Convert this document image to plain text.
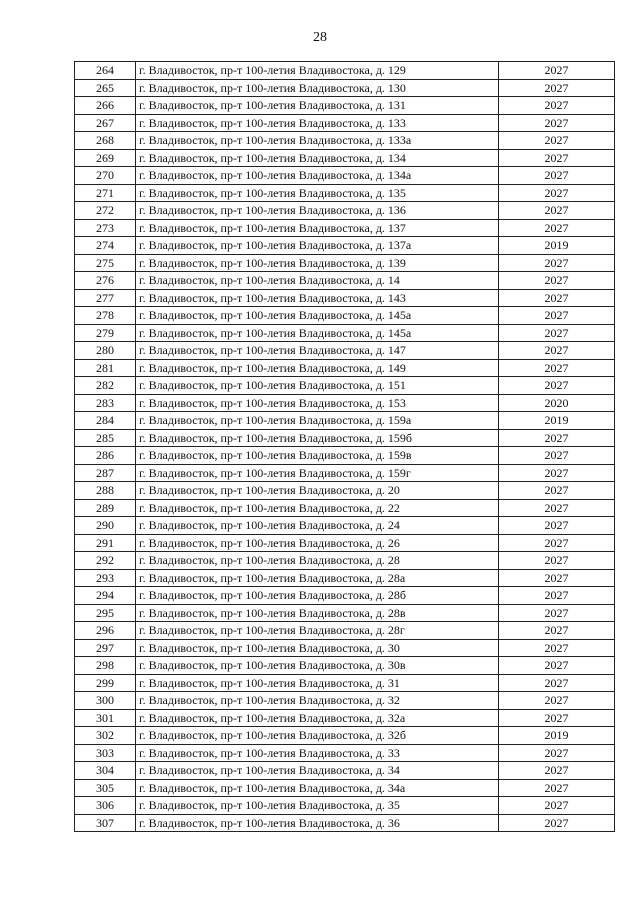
28
264	г. Владивосток, пр-т 100-летия Владивостока, д. 129	2027
265	г. Владивосток, пр-т 100-летия Владивостока, д. 130	2027
266	г. Владивосток, пр-т 100-летия Владивостока, д. 131	2027
267	г. Владивосток, пр-т 100-летия Владивостока, д. 133	2027
268	г. Владивосток, пр-т 100-летия Владивостока, д. 133а	2027
269	г. Владивосток, пр-т 100-летия Владивостока, д. 134	2027
270	г. Владивосток, пр-т 100-летия Владивостока, д. 134а	2027
271	г. Владивосток, пр-т 100-летия Владивостока, д. 135	2027
272	г. Владивосток, пр-т 100-летия Владивостока, д. 136	2027
273	г. Владивосток, пр-т 100-летия Владивостока, д. 137	2027
274	г. Владивосток, пр-т 100-летия Владивостока, д. 137а	2019
275	г. Владивосток, пр-т 100-летия Владивостока, д. 139	2027
276	г. Владивосток, пр-т 100-летия Владивостока, д. 14	2027
277	г. Владивосток, пр-т 100-летия Владивостока, д. 143	2027
278	г. Владивосток, пр-т 100-летия Владивостока, д. 145а	2027
279	г. Владивосток, пр-т 100-летия Владивостока, д. 145а	2027
280	г. Владивосток, пр-т 100-летия Владивостока, д. 147	2027
281	г. Владивосток, пр-т 100-летия Владивостока, д. 149	2027
282	г. Владивосток, пр-т 100-летия Владивостока, д. 151	2027
283	г. Владивосток, пр-т 100-летия Владивостока, д. 153	2020
284	г. Владивосток, пр-т 100-летия Владивостока, д. 159а	2019
285	г. Владивосток, пр-т 100-летия Владивостока, д. 159б	2027
286	г. Владивосток, пр-т 100-летия Владивостока, д. 159в	2027
287	г. Владивосток, пр-т 100-летия Владивостока, д. 159г	2027
288	г. Владивосток, пр-т 100-летия Владивостока, д. 20	2027
289	г. Владивосток, пр-т 100-летия Владивостока, д. 22	2027
290	г. Владивосток, пр-т 100-летия Владивостока, д. 24	2027
291	г. Владивосток, пр-т 100-летия Владивостока, д. 26	2027
292	г. Владивосток, пр-т 100-летия Владивостока, д. 28	2027
293	г. Владивосток, пр-т 100-летия Владивостока, д. 28а	2027
294	г. Владивосток, пр-т 100-летия Владивостока, д. 28б	2027
295	г. Владивосток, пр-т 100-летия Владивостока, д. 28в	2027
296	г. Владивосток, пр-т 100-летия Владивостока, д. 28г	2027
297	г. Владивосток, пр-т 100-летия Владивостока, д. 30	2027
298	г. Владивосток, пр-т 100-летия Владивостока, д. 30в	2027
299	г. Владивосток, пр-т 100-летия Владивостока, д. 31	2027
300	г. Владивосток, пр-т 100-летия Владивостока, д. 32	2027
301	г. Владивосток, пр-т 100-летия Владивостока, д. 32а	2027
302	г. Владивосток, пр-т 100-летия Владивостока, д. 32б	2019
303	г. Владивосток, пр-т 100-летия Владивостока, д. 33	2027
304	г. Владивосток, пр-т 100-летия Владивостока, д. 34	2027
305	г. Владивосток, пр-т 100-летия Владивостока, д. 34а	2027
306	г. Владивосток, пр-т 100-летия Владивостока, д. 35	2027
307	г. Владивосток, пр-т 100-летия Владивостока, д. 36	2027
